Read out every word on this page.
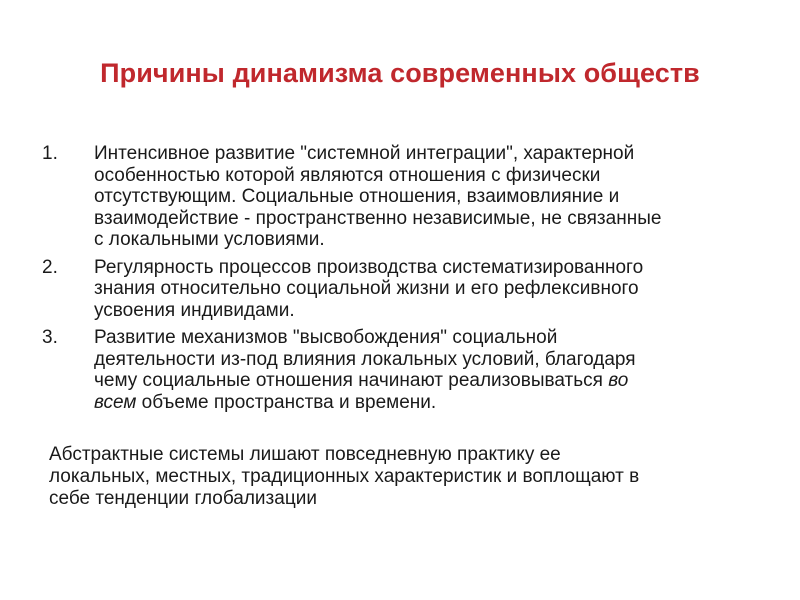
Причины динамизма современных обществ
1.	Интенсивное развитие "системной интеграции", характерной
особенностью которой являются отношения с физически
отсутствующим. Социальные отношения, взаимовлияние и
взаимодействие - пространственно независимые, не связанные
с локальными условиями.
2.	Регулярность процессов производства систематизированного
знания относительно социальной жизни и его рефлексивного
усвоения индивидами.
3.	Развитие механизмов "высвобождения" социальной
деятельности из-под влияния локальных условий, благодаря
чему социальные отношения начинают реализовываться во
всем объеме пространства и времени.
Абстрактные системы лишают повседневную практику ее
локальных, местных, традиционных характеристик и воплощают в
себе тенденции глобализации
